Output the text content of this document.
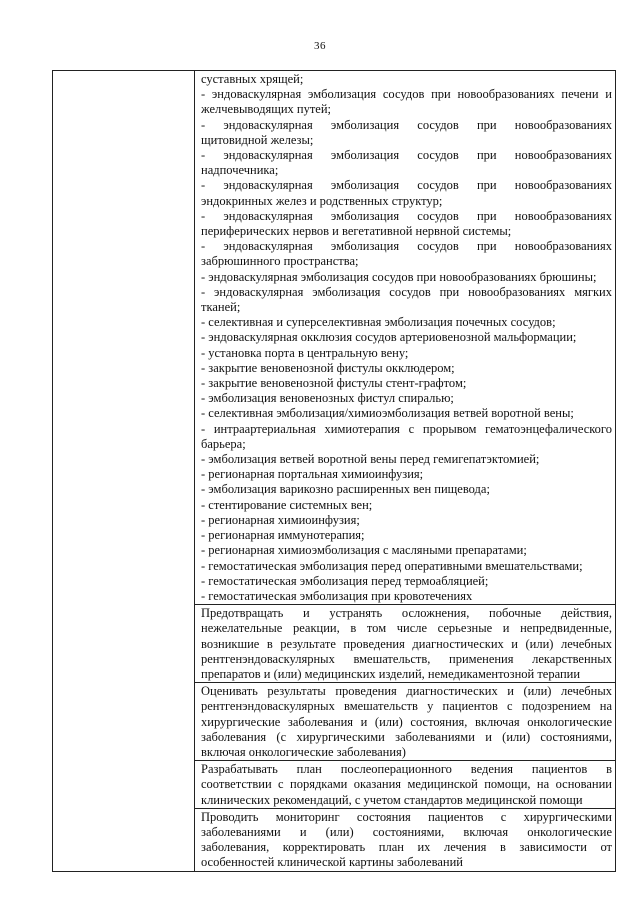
36

суставных хрящей;
- эндоваскулярная эмболизация сосудов при новообразованиях печени и
желчевыводящих путей;
- эндоваскулярная эмболизация сосудов при новообразованиях
щитовидной железы;
- эндоваскулярная эмболизация сосудов при новообразованиях
надпочечника;
- эндоваскулярная эмболизация сосудов при новообразованиях
эндокринных желез и родственных структур;
- эндоваскулярная эмболизация сосудов при новообразованиях
периферических нервов и вегетативной нервной системы;
- эндоваскулярная эмболизация сосудов при новообразованиях
забрюшинного пространства;
- эндоваскулярная эмболизация сосудов при новообразованиях брюшины;
- эндоваскулярная эмболизация сосудов при новообразованиях мягких
тканей;
- селективная и суперселективная эмболизация почечных сосудов;
- эндоваскулярная окклюзия сосудов артериовенозной мальформации;
- установка порта в центральную вену;
- закрытие веновенозной фистулы окклюдером;
- закрытие веновенозной фистулы стент-графтом;
- эмболизация веновенозных фистул спиралью;
- селективная эмболизация/химиоэмболизация ветвей воротной вены;
- интраартериальная химиотерапия с прорывом гематоэнцефалического
барьера;
- эмболизация ветвей воротной вены перед гемигепатэктомией;
- регионарная портальная химиоинфузия;
- эмболизация варикозно расширенных вен пищевода;
- стентирование системных вен;
- регионарная химиоинфузия;
- регионарная иммунотерапия;
- регионарная химиоэмболизация с масляными препаратами;
- гемостатическая эмболизация перед оперативными вмешательствами;
- гемостатическая эмболизация перед термоабляцией;
- гемостатическая эмболизация при кровотечениях
Предотвращать и устранять осложнения, побочные действия,
нежелательные реакции, в том числе серьезные и непредвиденные,
возникшие в результате проведения диагностических и (или) лечебных
рентгенэндоваскулярных вмешательств, применения лекарственных
препаратов и (или) медицинских изделий, немедикаментозной терапии
Оценивать результаты проведения диагностических и (или) лечебных
рентгенэндоваскулярных вмешательств у пациентов с подозрением на
хирургические заболевания и (или) состояния, включая онкологические
заболевания (с хирургическими заболеваниями и (или) состояниями,
включая онкологические заболевания)
Разрабатывать план послеоперационного ведения пациентов в
соответствии с порядками оказания медицинской помощи, на основании
клинических рекомендаций, с учетом стандартов медицинской помощи
Проводить мониторинг состояния пациентов с хирургическими
заболеваниями и (или) состояниями, включая онкологические
заболевания, корректировать план их лечения в зависимости от
особенностей клинической картины заболеваний
